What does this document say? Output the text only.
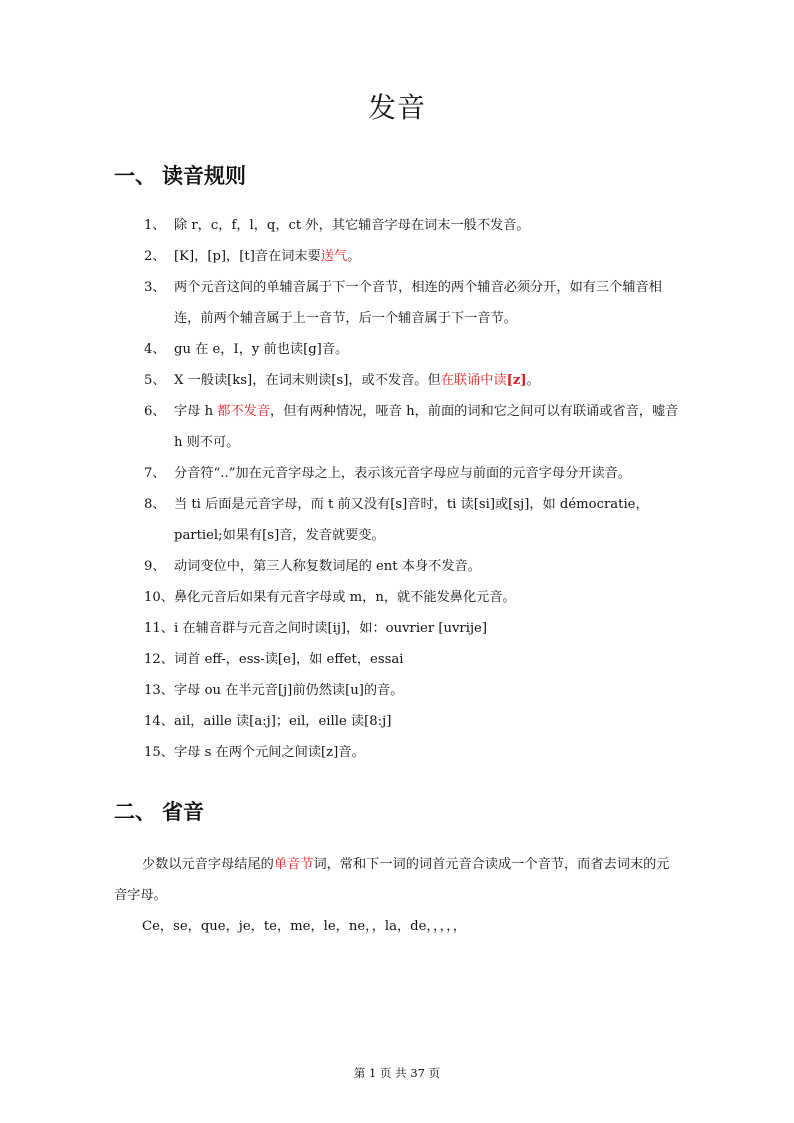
发音
一、 读音规则
1、 除 r，c，f，l，q，ct 外，其它辅音字母在词末一般不发音。
2、 [K]，[p]，[t]音在词末要送气。
3、 两个元音这间的单辅音属于下一个音节，相连的两个辅音必须分开，如有三个辅音相连，前两个辅音属于上一音节，后一个辅音属于下一音节。
4、 gu 在 e，I，y 前也读[g]音。
5、 X 一般读[ks]，在词末则读[s]，或不发音。但在联诵中读[z]。
6、 字母 h 都不发音，但有两种情况，哑音 h，前面的词和它之间可以有联诵或省音，嘘音 h 则不可。
7、 分音符“..”加在元音字母之上，表示该元音字母应与前面的元音字母分开读音。
8、 当 ti 后面是元音字母，而 t 前又没有[s]音时，ti 读[si]或[sj]，如 démocratie，partiel;如果有[s]音，发音就要变。
9、 动词变位中，第三人称复数词尾的 ent 本身不发音。
10、 鼻化元音后如果有元音字母或 m，n，就不能发鼻化元音。
11、 i 在辅音群与元音之间时读[ij]，如：ouvrier [uvrije]
12、 词首 eff-，ess-读[e]，如 effet，essai
13、 字母 ou 在半元音[j]前仍然读[u]的音。
14、 ail，aille 读[a:j]；eil，eille 读[8:j]
15、 字母 s 在两个元间之间读[z]音。
二、 省音
少数以元音字母结尾的单音节词，常和下一词的词首元音合读成一个音节，而省去词末的元音字母。
Ce，se，que，je，te，me，le，ne，，la，de，，，，，
第 1 页 共 37 页
